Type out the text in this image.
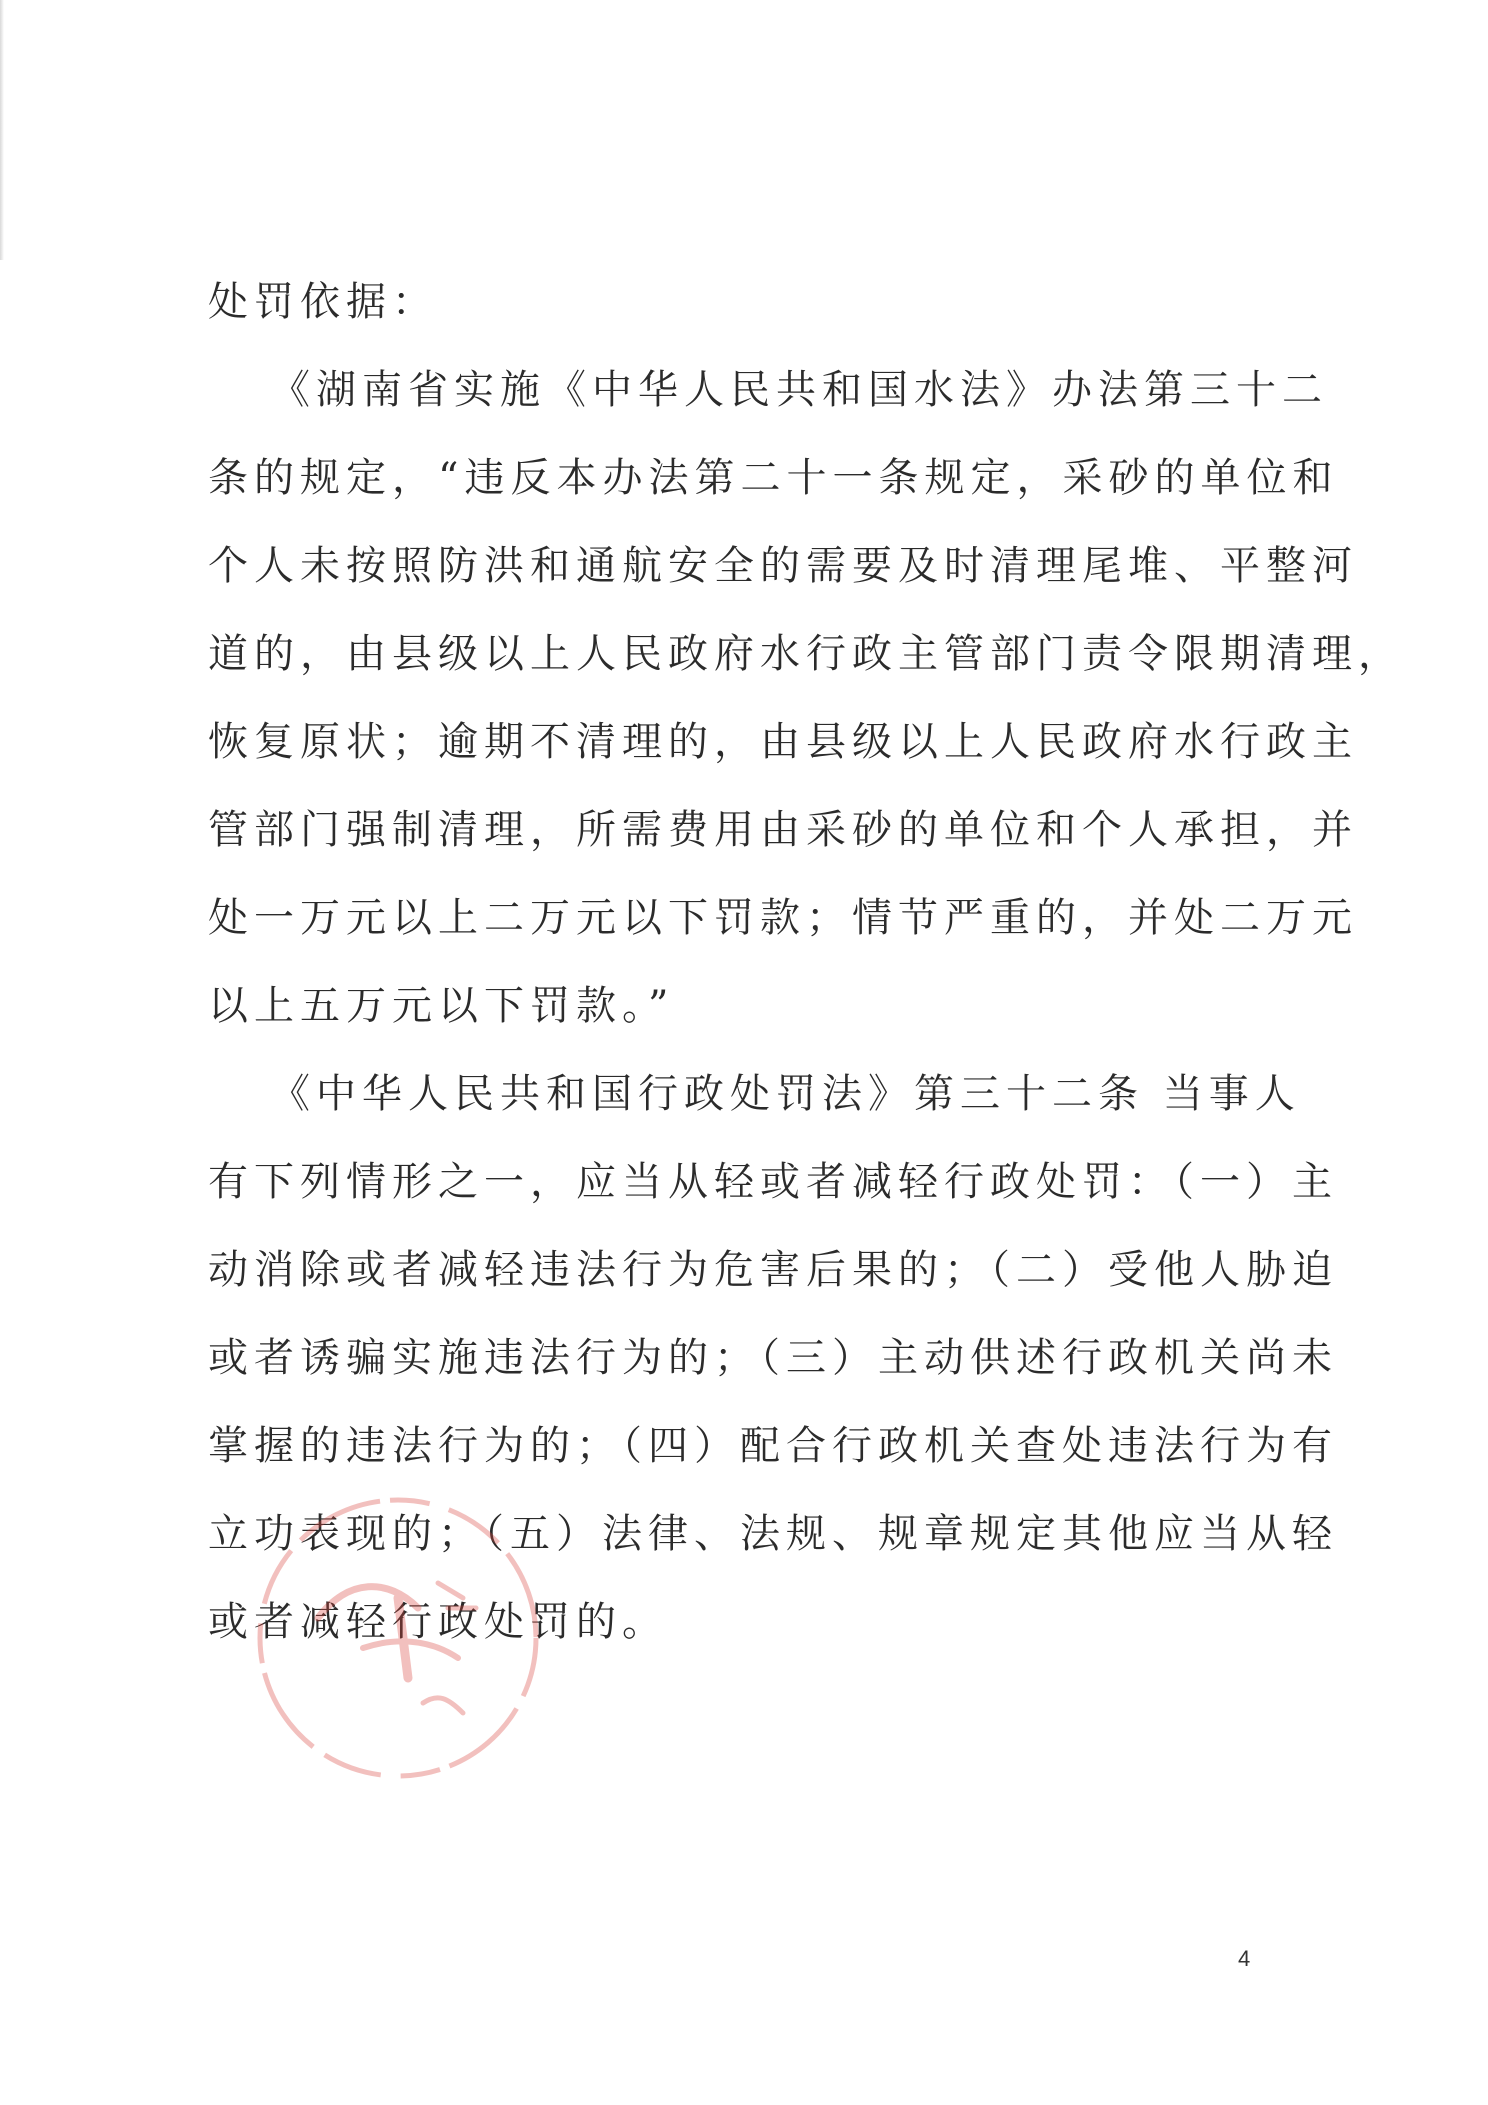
处罚依据：
《湖南省实施《中华人民共和国水法》办法第三十二
条的规定，“违反本办法第二十一条规定，采砂的单位和
个人未按照防洪和通航安全的需要及时清理尾堆、平整河
道的，由县级以上人民政府水行政主管部门责令限期清理，
恢复原状；逾期不清理的，由县级以上人民政府水行政主
管部门强制清理，所需费用由采砂的单位和个人承担，并
处一万元以上二万元以下罚款；情节严重的，并处二万元
以上五万元以下罚款。”
《中华人民共和国行政处罚法》第三十二条 当事人
有下列情形之一，应当从轻或者减轻行政处罚：（一）主
动消除或者减轻违法行为危害后果的；（二）受他人胁迫
或者诱骗实施违法行为的；（三）主动供述行政机关尚未
掌握的违法行为的；（四）配合行政机关查处违法行为有
立功表现的；（五）法律、法规、规章规定其他应当从轻
或者减轻行政处罚的。
4
